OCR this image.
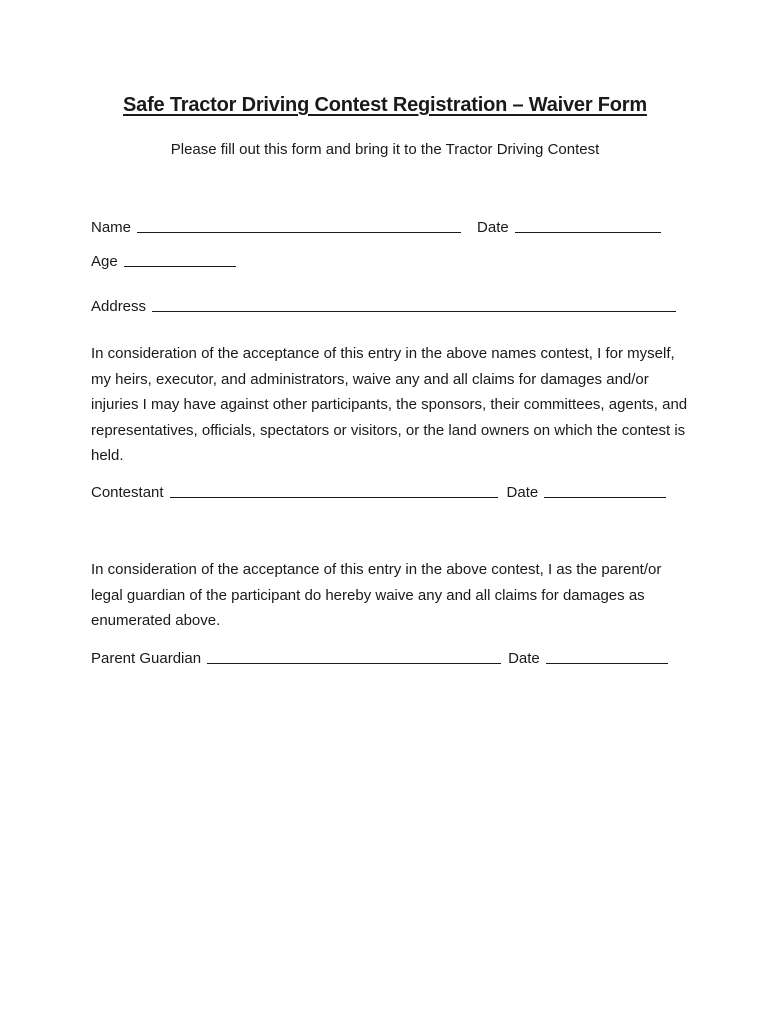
Safe Tractor Driving Contest Registration – Waiver Form

Please fill out this form and bring it to the Tractor Driving Contest

Name	Date
Age
Address

In consideration of the acceptance of this entry in the above names contest, I for myself, my heirs, executor, and administrators, waive any and all claims for damages and/or injuries I may have against other participants, the sponsors, their committees, agents, and representatives, officials, spectators or visitors, or the land owners on which the contest is held.

Contestant	Date

In consideration of the acceptance of this entry in the above contest, I as the parent/or legal guardian of the participant do hereby waive any and all claims for damages as enumerated above.

Parent Guardian	Date
